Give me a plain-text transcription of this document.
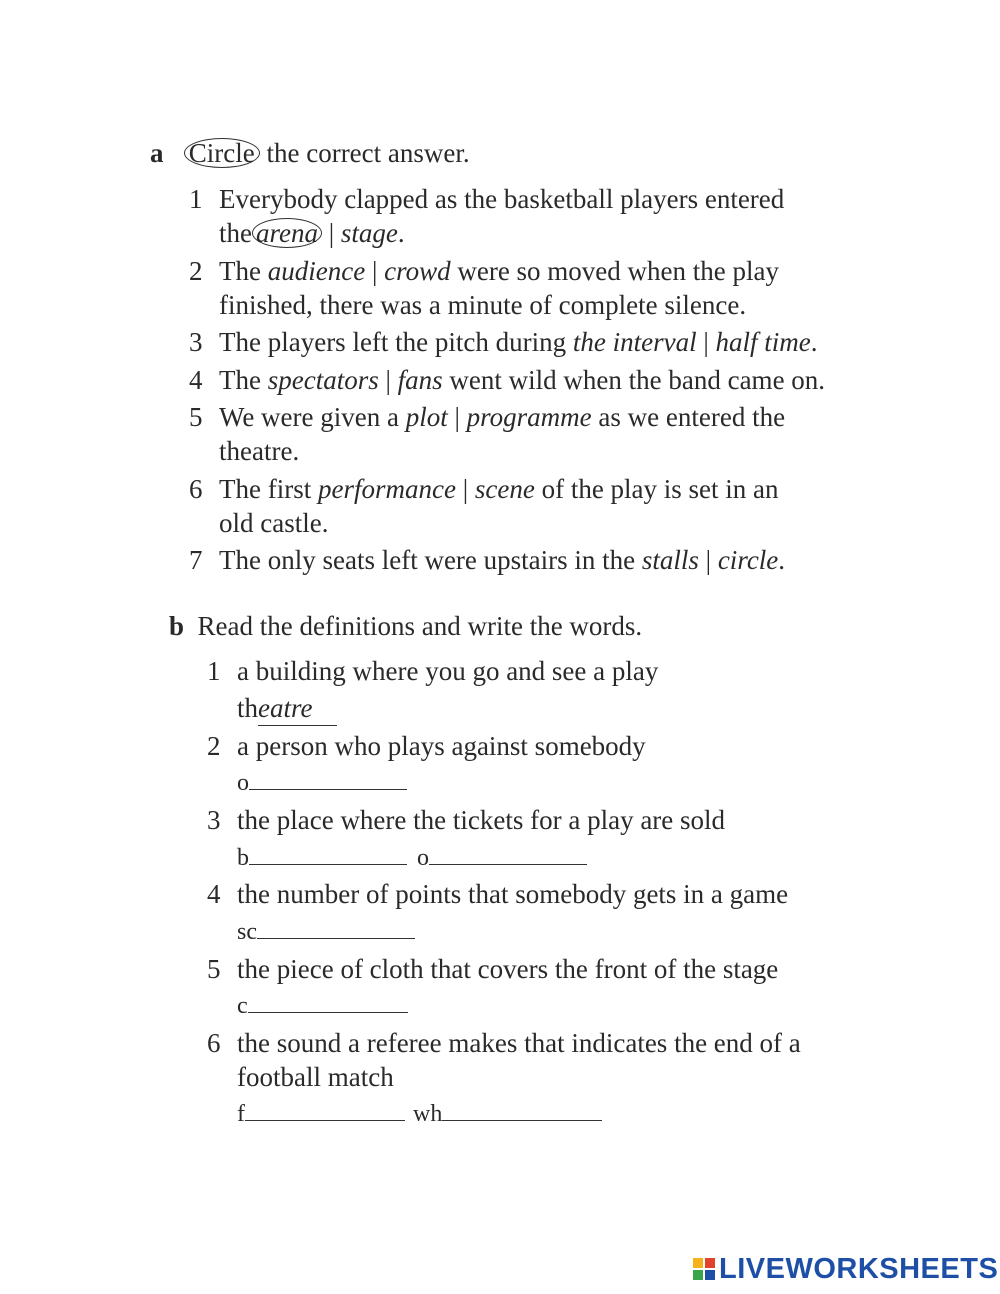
a Circle the correct answer.
1 Everybody clapped as the basketball players entered
the arena | stage.
2 The audience | crowd were so moved when the play
finished, there was a minute of complete silence.
3 The players left the pitch during the interval | half time.
4 The spectators | fans went wild when the band came on.
5 We were given a plot | programme as we entered the
theatre.
6 The first performance | scene of the play is set in an
old castle.
7 The only seats left were upstairs in the stalls | circle.
b Read the definitions and write the words.
1 a building where you go and see a play
theatre
2 a person who plays against somebody
o
3 the place where the tickets for a play are sold
b	o
4 the number of points that somebody gets in a game
sc
5 the piece of cloth that covers the front of the stage
c
6 the sound a referee makes that indicates the end of a
football match
f	wh
LIVEWORKSHEETS
